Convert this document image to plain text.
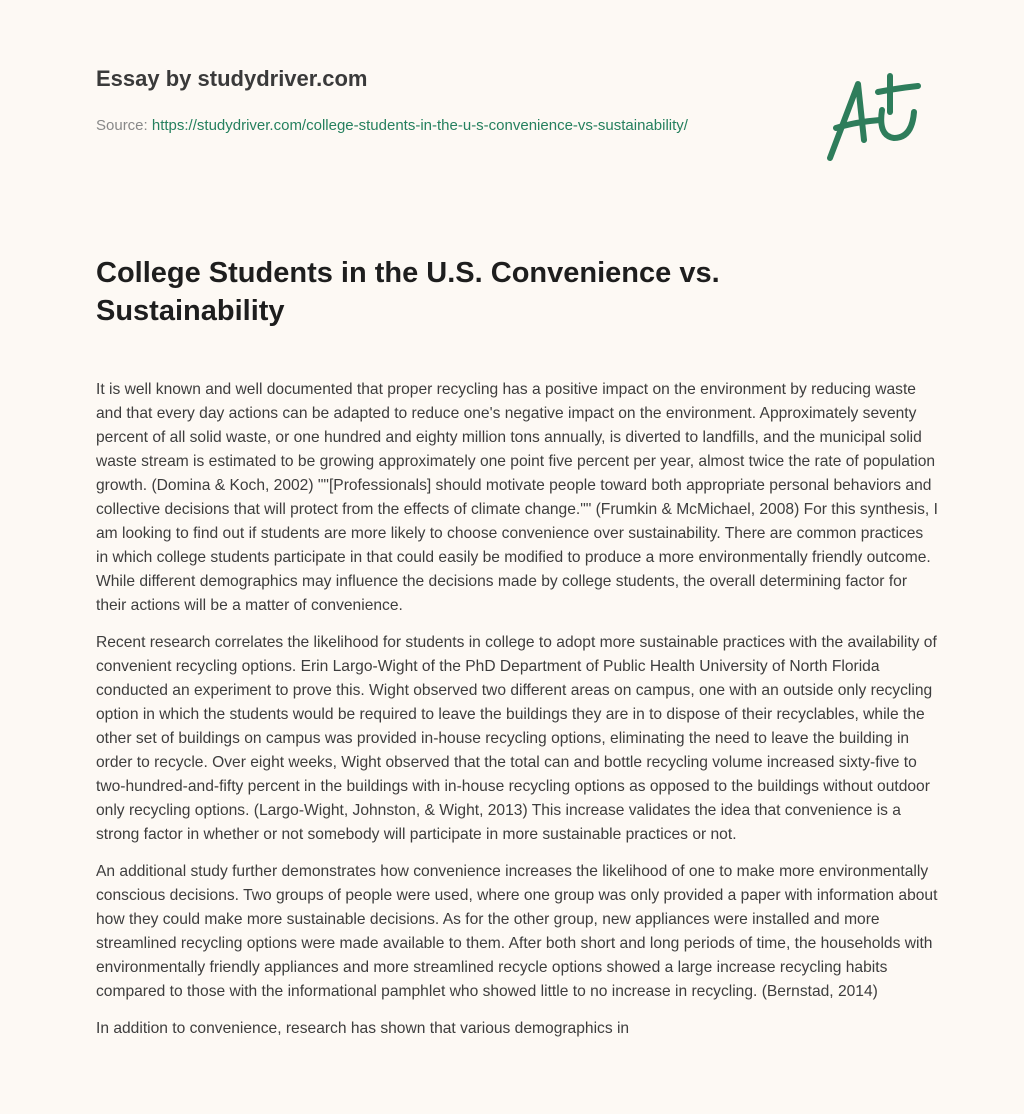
Essay by studydriver.com

Source: https://studydriver.com/college-students-in-the-u-s-convenience-vs-sustainability/
College Students in the U.S. Convenience vs. Sustainability

It is well known and well documented that proper recycling has a positive impact on the environment by reducing waste and that every day actions can be adapted to reduce one's negative impact on the environment. Approximately seventy percent of all solid waste, or one hundred and eighty million tons annually, is diverted to landfills, and the municipal solid waste stream is estimated to be growing approximately one point five percent per year, almost twice the rate of population growth. (Domina & Koch, 2002) ""[Professionals] should motivate people toward both appropriate personal behaviors and collective decisions that will protect from the effects of climate change."" (Frumkin & McMichael, 2008) For this synthesis, I am looking to find out if students are more likely to choose convenience over sustainability. There are common practices in which college students participate in that could easily be modified to produce a more environmentally friendly outcome. While different demographics may influence the decisions made by college students, the overall determining factor for their actions will be a matter of convenience.

Recent research correlates the likelihood for students in college to adopt more sustainable practices with the availability of convenient recycling options. Erin Largo-Wight of the PhD Department of Public Health University of North Florida conducted an experiment to prove this. Wight observed two different areas on campus, one with an outside only recycling option in which the students would be required to leave the buildings they are in to dispose of their recyclables, while the other set of buildings on campus was provided in-house recycling options, eliminating the need to leave the building in order to recycle. Over eight weeks, Wight observed that the total can and bottle recycling volume increased sixty-five to two-hundred-and-fifty percent in the buildings with in-house recycling options as opposed to the buildings without outdoor only recycling options. (Largo-Wight, Johnston, & Wight, 2013) This increase validates the idea that convenience is a strong factor in whether or not somebody will participate in more sustainable practices or not.

An additional study further demonstrates how convenience increases the likelihood of one to make more environmentally conscious decisions. Two groups of people were used, where one group was only provided a paper with information about how they could make more sustainable decisions. As for the other group, new appliances were installed and more streamlined recycling options were made available to them. After both short and long periods of time, the households with environmentally friendly appliances and more streamlined recycle options showed a large increase recycling habits compared to those with the informational pamphlet who showed little to no increase in recycling. (Bernstad, 2014)

In addition to convenience, research has shown that various demographics in
